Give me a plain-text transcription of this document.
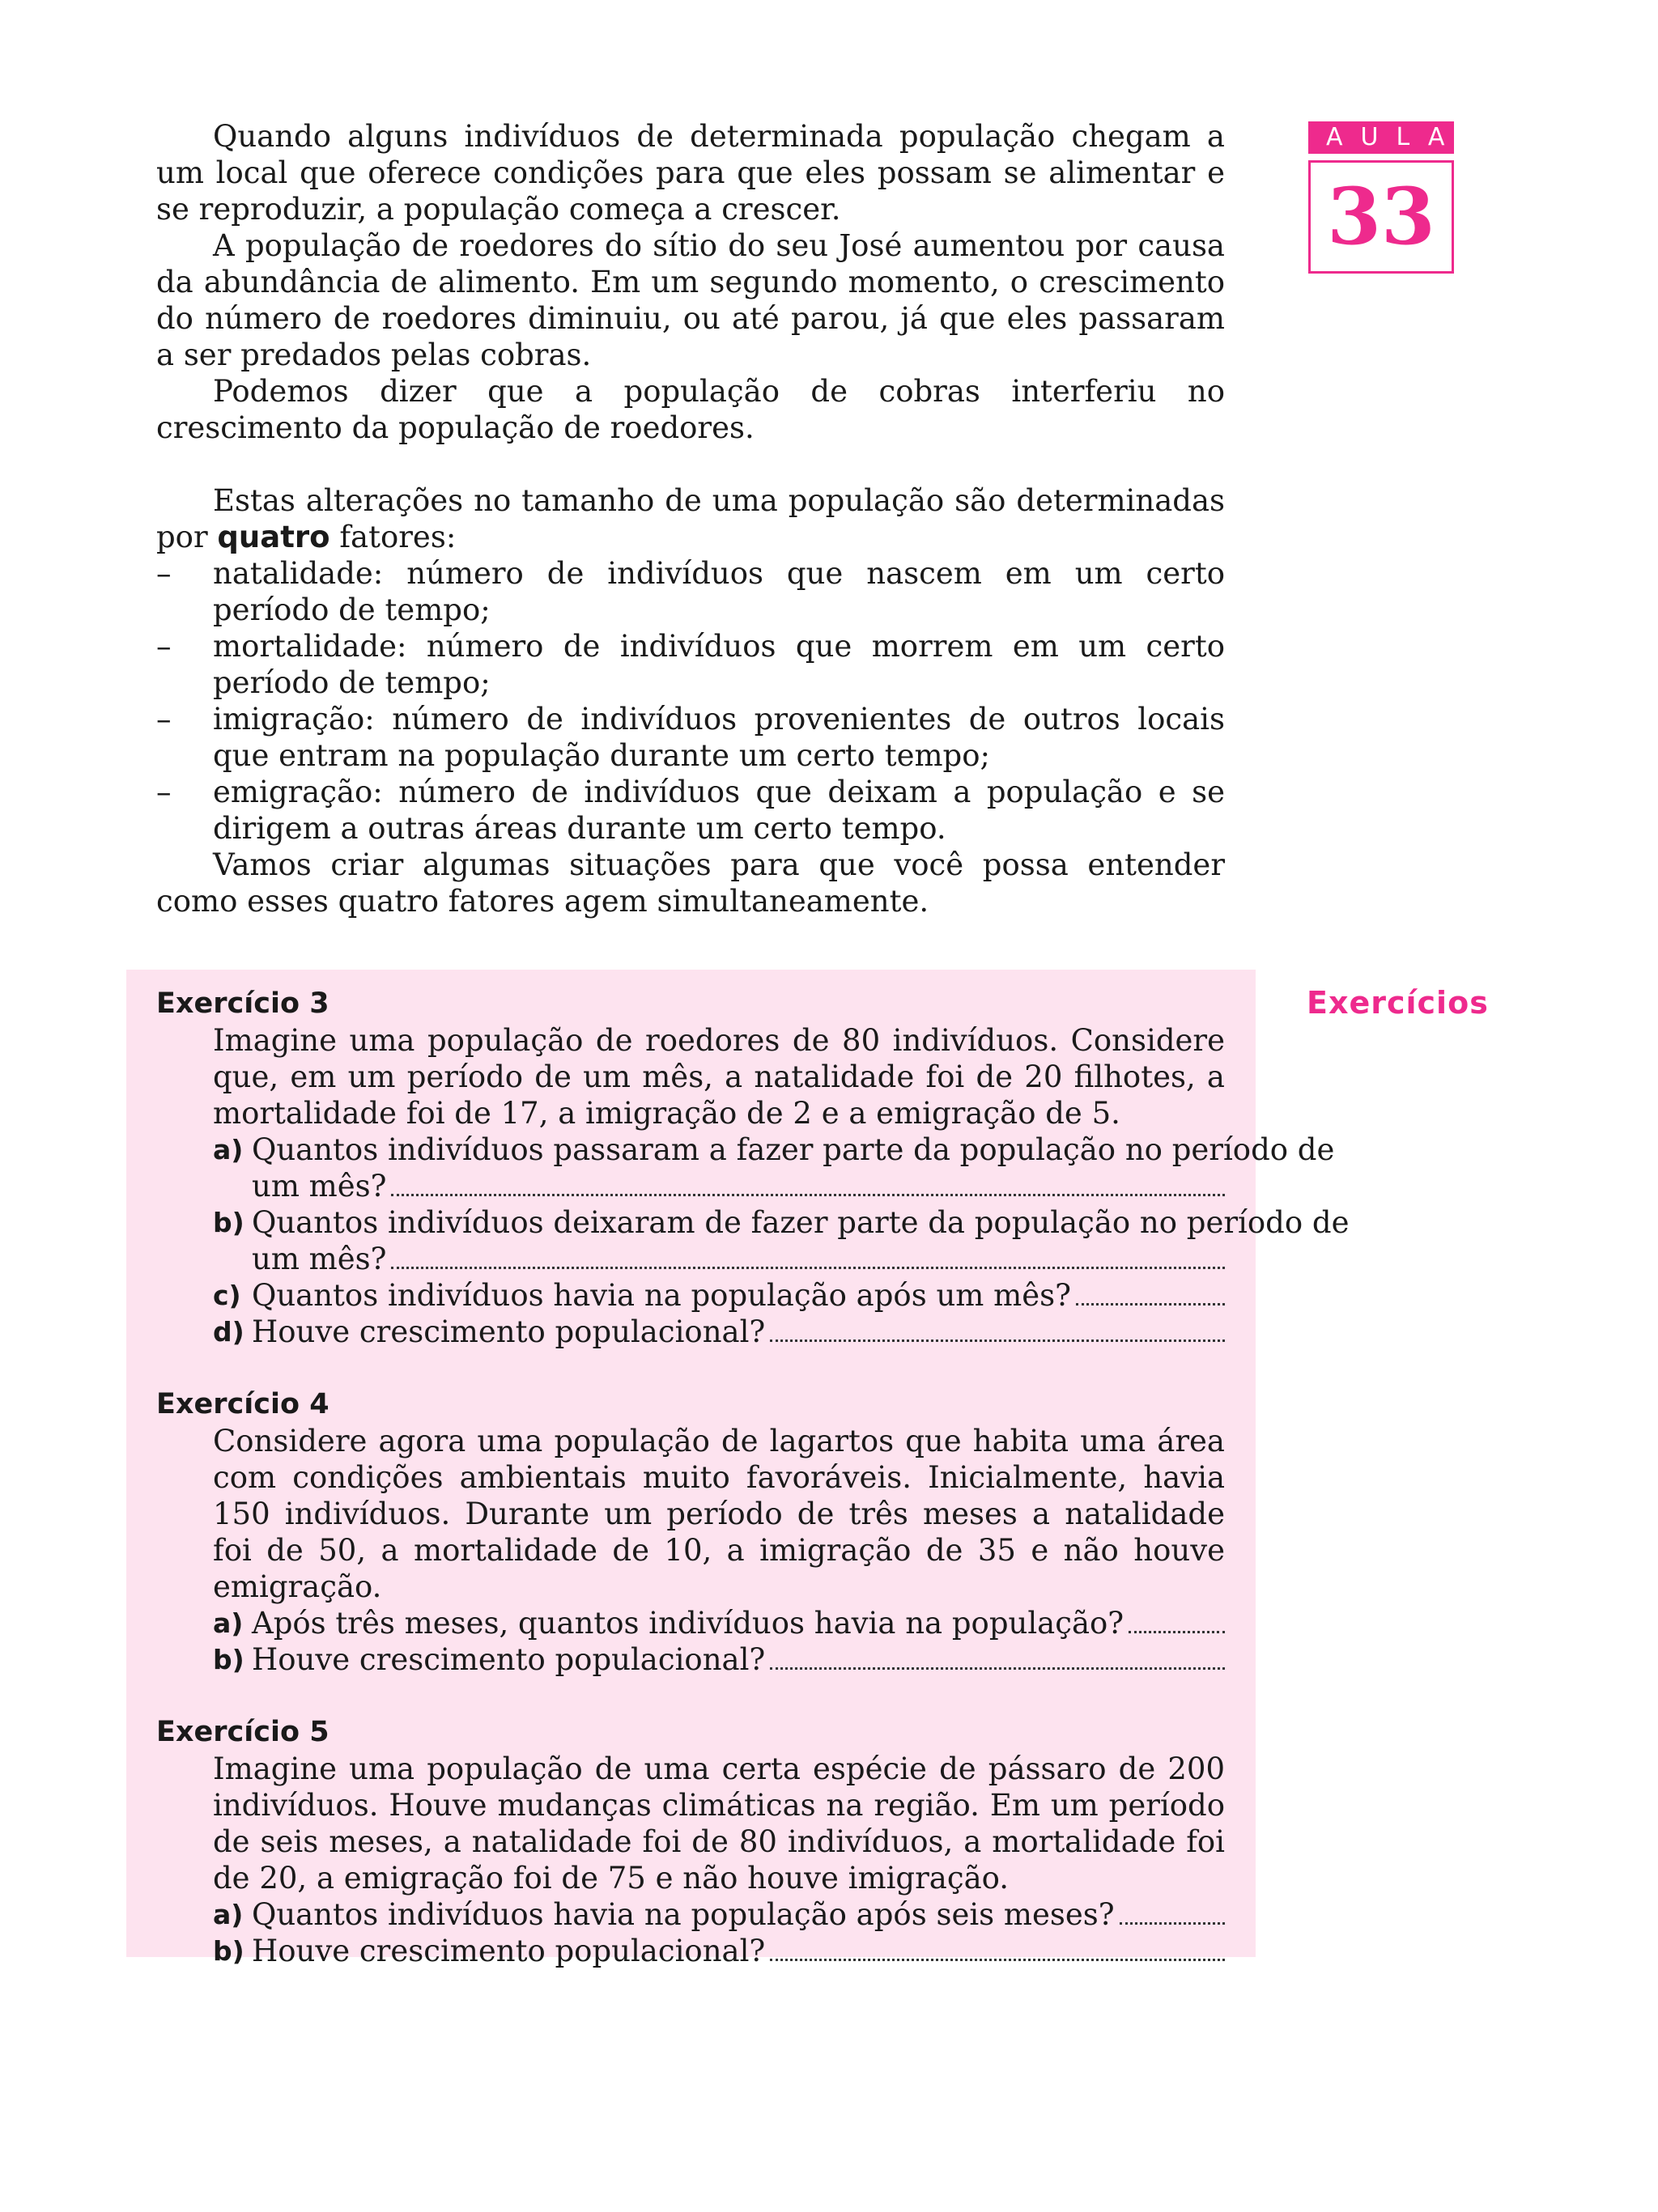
AULA
33

Quando alguns indivíduos de determinada população chegam a um local que oferece condições para que eles possam se alimentar e se reproduzir, a população começa a crescer.

A população de roedores do sítio do seu José aumentou por causa da abundância de alimento. Em um segundo momento, o crescimento do número de roedores diminuiu, ou até parou, já que eles passaram a ser predados pelas cobras.

Podemos dizer que a população de cobras interferiu no crescimento da população de roedores.

Estas alterações no tamanho de uma população são determinadas por quatro fatores:

–	natalidade: número de indivíduos que nascem em um certo período de tempo;

–	mortalidade: número de indivíduos que morrem em um certo período de tempo;

–	imigração: número de indivíduos provenientes de outros locais que entram na população durante um certo tempo;

–	emigração: número de indivíduos que deixam a população e se dirigem a outras áreas durante um certo tempo.

Vamos criar algumas situações para que você possa entender como esses quatro fatores agem simultaneamente.

Exercícios

Exercício 3

Imagine uma população de roedores de 80 indivíduos. Considere que, em um período de um mês, a natalidade foi de 20 filhotes, a mortalidade foi de 17, a imigração de 2 e a emigração de 5.

a) Quantos indivíduos passaram a fazer parte da população no período de
um mês?
b) Quantos indivíduos deixaram de fazer parte da população no período de
um mês?
c) Quantos indivíduos havia na população após um mês?
d) Houve crescimento populacional?

Exercício 4

Considere agora uma população de lagartos que habita uma área com condições ambientais muito favoráveis. Inicialmente, havia 150 indivíduos. Durante um período de três meses a natalidade foi de 50, a mortalidade de 10, a imigração de 35 e não houve emigração.

a) Após três meses, quantos indivíduos havia na população?
b) Houve crescimento populacional?

Exercício 5

Imagine uma população de uma certa espécie de pássaro de 200 indivíduos. Houve mudanças climáticas na região. Em um período de seis meses, a natalidade foi de 80 indivíduos, a mortalidade foi de 20, a emigração foi de 75 e não houve imigração.

a) Quantos indivíduos havia na população após seis meses?
b) Houve crescimento populacional?
